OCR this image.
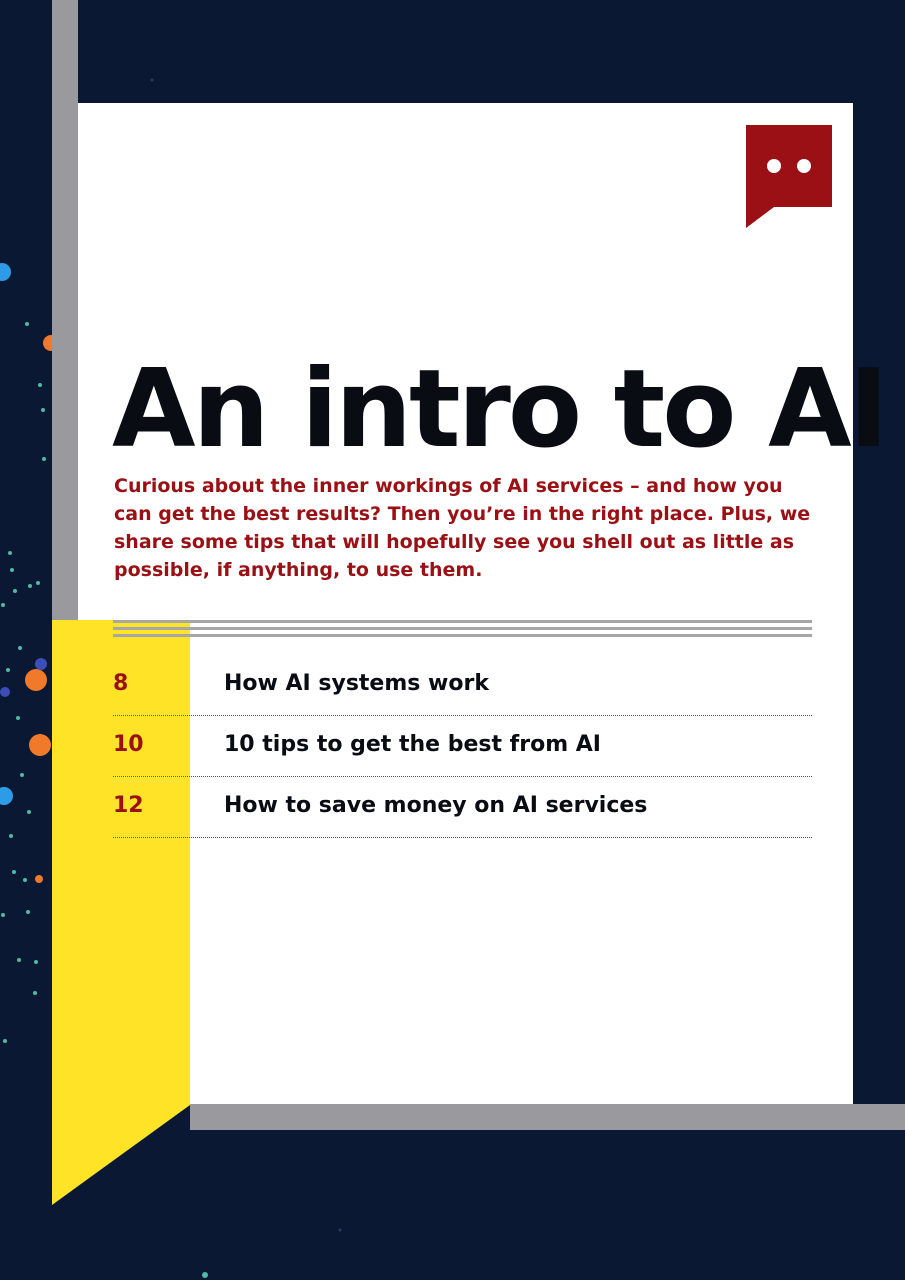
An intro to AI

Curious about the inner workings of AI services – and how you can get the best results? Then you’re in the right place. Plus, we share some tips that will hopefully see you shell out as little as possible, if anything, to use them.

8	How AI systems work
10	10 tips to get the best from AI
12	How to save money on AI services
